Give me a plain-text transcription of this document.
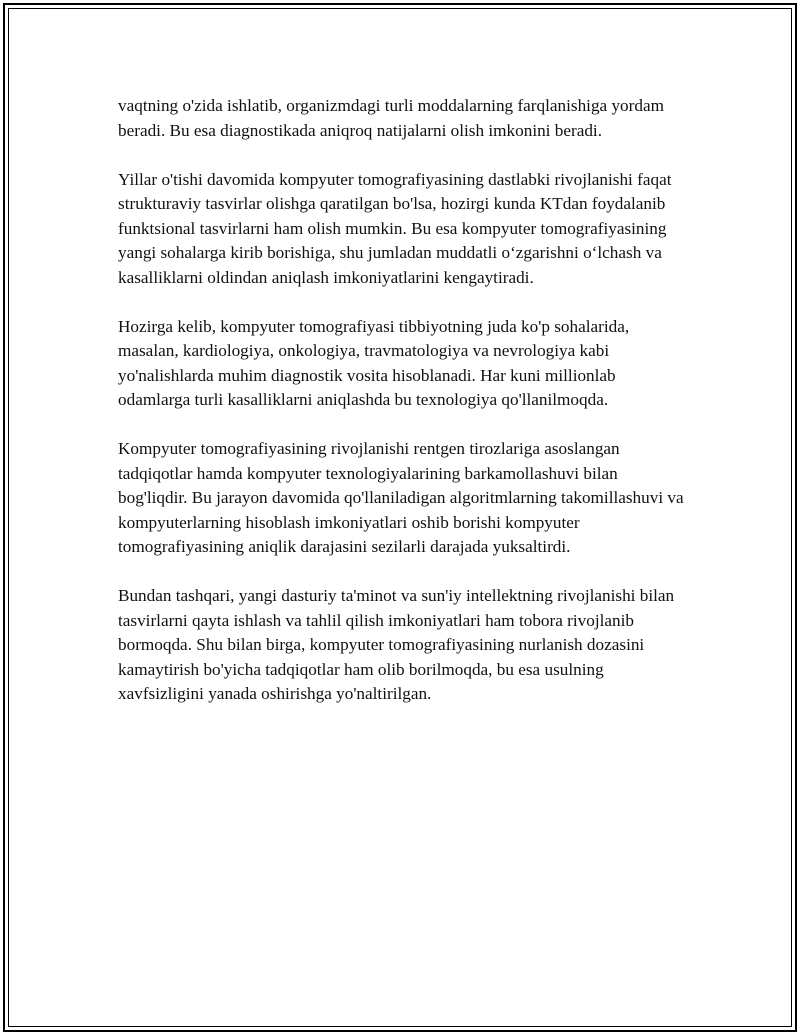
vaqtning o'zida ishlatib, organizmdagi turli moddalarning farqlanishiga yordam beradi. Bu esa diagnostikada aniqroq natijalarni olish imkonini beradi.

Yillar o'tishi davomida kompyuter tomografiyasining dastlabki rivojlanishi faqat strukturaviy tasvirlar olishga qaratilgan bo'lsa, hozirgi kunda KTdan foydalanib funktsional tasvirlarni ham olish mumkin. Bu esa kompyuter tomografiyasining yangi sohalarga kirib borishiga, shu jumladan muddatli o‘zgarishni o‘lchash va kasalliklarni oldindan aniqlash imkoniyatlarini kengaytiradi.

Hozirga kelib, kompyuter tomografiyasi tibbiyotning juda ko'p sohalarida, masalan, kardiologiya, onkologiya, travmatologiya va nevrologiya kabi yo'nalishlarda muhim diagnostik vosita hisoblanadi. Har kuni millionlab odamlarga turli kasalliklarni aniqlashda bu texnologiya qo'llanilmoqda.

Kompyuter tomografiyasining rivojlanishi rentgen tirozlariga asoslangan tadqiqotlar hamda kompyuter texnologiyalarining barkamollashuvi bilan bog'liqdir. Bu jarayon davomida qo'llaniladigan algoritmlarning takomillashuvi va kompyuterlarning hisoblash imkoniyatlari oshib borishi kompyuter tomografiyasining aniqlik darajasini sezilarli darajada yuksaltirdi.

Bundan tashqari, yangi dasturiy ta'minot va sun'iy intellektning rivojlanishi bilan tasvirlarni qayta ishlash va tahlil qilish imkoniyatlari ham tobora rivojlanib bormoqda. Shu bilan birga, kompyuter tomografiyasining nurlanish dozasini kamaytirish bo'yicha tadqiqotlar ham olib borilmoqda, bu esa usulning xavfsizligini yanada oshirishga yo'naltirilgan.
